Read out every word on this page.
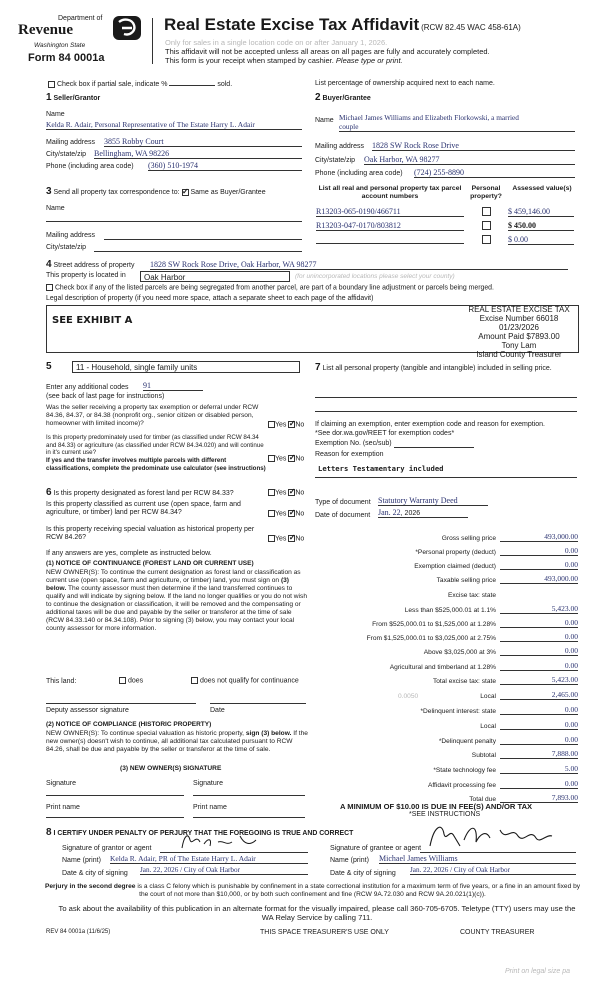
Department of
Revenue
Washington State
Form 84 0001a
Real Estate Excise Tax Affidavit (RCW 82.45 WAC 458-61A)
Only for sales in a single location code on or after January 1, 2026.
This affidavit will not be accepted unless all areas on all pages are fully and accurately completed.
This form is your receipt when stamped by cashier. Please type or print.
Check box if partial sale, indicate %	sold.	List percentage of ownership acquired next to each name.
1 Seller/Grantor
Name
Kelda R. Adair, Personal Representative of The Estate Harry L. Adair
Mailing address 3855 Robby Court
City/state/zip Bellingham, WA 98226
Phone (including area code) (360) 510-1974
2 Buyer/Grantee
Name Michael James Williams and Elizabeth Florkowski, a married
couple
Mailing address 1828 SW Rock Rose Drive
City/state/zip Oak Harbor, WA 98277
Phone (including area code) (724) 255-8890
3 Send all property tax correspondence to: ✓ Same as Buyer/Grantee
Name
Mailing address
City/state/zip
List all real and personal property tax parcel account numbers
Personal property?
Assessed value(s)
R13203-065-0190/466711	$ 459,146.00
R13203-047-0170/803812	$ 450.00
$ 0.00
4 Street address of property 1828 SW Rock Rose Drive, Oak Harbor, WA 98277
This property is located in	Oak Harbor	(for unincorporated locations please select your county)
Check box if any of the listed parcels are being segregated from another parcel, are part of a boundary line adjustment or parcels being merged.
Legal description of property (if you need more space, attach a separate sheet to each page of the affidavit)
SEE EXHIBIT A
REAL ESTATE EXCISE TAX
Excise Number 66018
01/23/2026
Amount Paid $7893.00
Tony Lam
Island County Treasurer
5	11 - Household, single family units
Enter any additional codes 91
(see back of last page for instructions)
Was the seller receiving a property tax exemption or deferral under RCW 84.36, 84.37, or 84.38 (nonprofit org., senior citizen or disabled person, homeowner with limited income)?	Yes ✓ No
Is this property predominately used for timber (as classified under RCW 84.34 and 84.33) or agriculture (as classified under RCW 84.34.020) and will continue in it's current use?
If yes and the transfer involves multiple parcels with different classifications, complete the predominate use calculator (see instructions)
Yes ✓ No
6 Is this property designated as forest land per RCW 84.33?	Yes ✓ No
Is this property classified as current use (open space, farm and agriculture, or timber) land per RCW 84.34?	Yes ✓ No
Is this property receiving special valuation as historical property per RCW 84.26?	Yes ✓ No
If any answers are yes, complete as instructed below.
(1) NOTICE OF CONTINUANCE (FOREST LAND OR CURRENT USE)
NEW OWNER(S): To continue the current designation as forest land or classification as current use (open space, farm and agriculture, or timber) land, you must sign on (3) below. The county assessor must then determine if the land transferred continues to qualify and will indicate by signing below. If the land no longer qualifies or you do not wish to continue the designation or classification, it will be removed and the compensating or additional taxes will be due and payable by the seller or transferor at the time of sale (RCW 84.33.140 or 84.34.108). Prior to signing (3) below, you may contact your local county assessor for more information.
This land:	does	does not qualify for continuance
Deputy assessor signature	Date
(2) NOTICE OF COMPLIANCE (HISTORIC PROPERTY)
NEW OWNER(S): To continue special valuation as historic property, sign (3) below. If the new owner(s) doesn't wish to continue, all additional tax calculated pursuant to RCW 84.26, shall be due and payable by the seller or transferor at the time of sale.
(3) NEW OWNER(S) SIGNATURE
Signature	Signature
Print name	Print name
7 List all personal property (tangible and intangible) included in selling price.
If claiming an exemption, enter exemption code and reason for exemption. *See dor.wa.gov/REET for exemption codes*
Exemption No. (sec/sub)
Reason for exemption
Letters Testamentary included
Type of document Statutory Warranty Deed
Date of document Jan. 22, 2026
Gross selling price	493,000.00
*Personal property (deduct)	0.00
Exemption claimed (deduct)	0.00
Taxable selling price	493,000.00
Excise tax: state
Less than $525,000.01 at 1.1%	5,423.00
From $525,000.01 to $1,525,000 at 1.28%	0.00
From $1,525,000.01 to $3,025,000 at 2.75%	0.00
Above $3,025,000 at 3%	0.00
Agricultural and timberland at 1.28%	0.00
Total excise tax: state	5,423.00
0.0050	Local	2,465.00
*Delinquent interest: state	0.00
Local	0.00
*Delinquent penalty	0.00
Subtotal	7,888.00
*State technology fee	5.00
Affidavit processing fee	0.00
Total due	7,893.00
A MINIMUM OF $10.00 IS DUE IN FEE(S) AND/OR TAX
*SEE INSTRUCTIONS
8 I CERTIFY UNDER PENALTY OF PERJURY THAT THE FOREGOING IS TRUE AND CORRECT
Signature of grantor or agent	Signature of grantee or agent
Name (print) Kelda R. Adair, PR of The Estate Harry L. Adair	Name (print) Michael James Williams
Date & city of signing Jan. 22, 2026 / City of Oak Harbor	Date & city of signing Jan. 22, 2026 / City of Oak Harbor
Perjury in the second degree is a class C felony which is punishable by confinement in a state correctional institution for a maximum term of five years, or a fine in an amount fixed by the court of not more than $10,000, or by both such confinement and fine (RCW 9A.72.030 and RCW 9A.20.021(1)(c)).
To ask about the availability of this publication in an alternate format for the visually impaired, please call 360-705-6705. Teletype (TTY) users may use the WA Relay Service by calling 711.
REV 84 0001a (11/6/25)	THIS SPACE TREASURER'S USE ONLY	COUNTY TREASURER
Print on legal size pa
